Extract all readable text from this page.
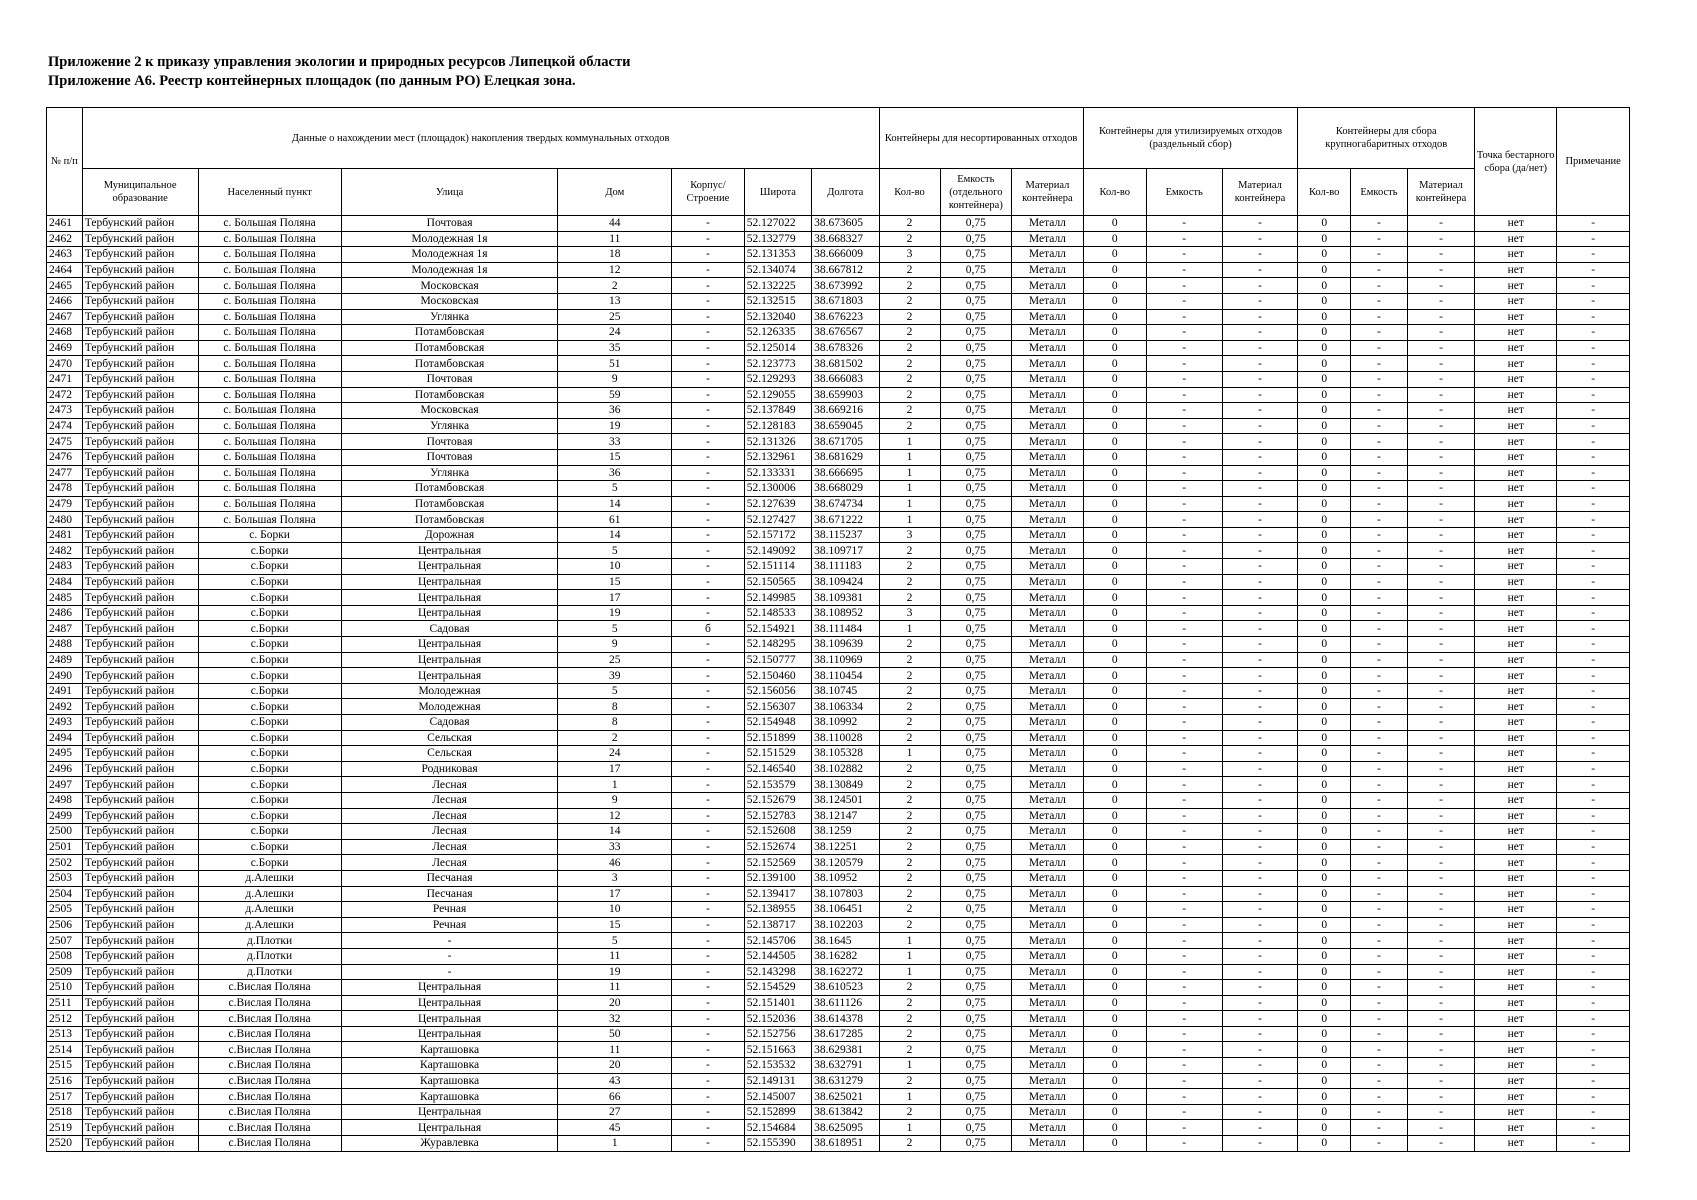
Приложение 2 к приказу управления экологии и природных ресурсов Липецкой области
Приложение А6. Реестр контейнерных площадок (по данным РО) Елецкая зона.
№ п/п	Данные о нахождении мест (площадок) накопления твердых коммунальных отходов							Контейнеры для несортированных отходов			Контейнеры для утилизируемых отходов (раздельный сбор)			Контейнеры для сбора крупногабаритных отходов			Точка бестарного сбора (да/нет)	Примечание
	Муниципальное образование	Населенный пункт	Улица	Дом	Корпус/ Строение	Широта	Долгота	Кол-во	Емкость (отдельного контейнера)	Материал контейнера	Кол-во	Емкость	Материал контейнера	Кол-во	Емкость	Материал контейнера		
2461	Тербунский район	с. Большая Поляна	Почтовая	44	-	52.127022	38.673605	2	0,75	Металл	0	-	-	0	-	-	нет	-
2462	Тербунский район	с. Большая Поляна	Молодежная 1я	11	-	52.132779	38.668327	2	0,75	Металл	0	-	-	0	-	-	нет	-
2463	Тербунский район	с. Большая Поляна	Молодежная 1я	18	-	52.131353	38.666009	3	0,75	Металл	0	-	-	0	-	-	нет	-
2464	Тербунский район	с. Большая Поляна	Молодежная 1я	12	-	52.134074	38.667812	2	0,75	Металл	0	-	-	0	-	-	нет	-
2465	Тербунский район	с. Большая Поляна	Московская	2	-	52.132225	38.673992	2	0,75	Металл	0	-	-	0	-	-	нет	-
2466	Тербунский район	с. Большая Поляна	Московская	13	-	52.132515	38.671803	2	0,75	Металл	0	-	-	0	-	-	нет	-
2467	Тербунский район	с. Большая Поляна	Углянка	25	-	52.132040	38.676223	2	0,75	Металл	0	-	-	0	-	-	нет	-
2468	Тербунский район	с. Большая Поляна	Потамбовская	24	-	52.126335	38.676567	2	0,75	Металл	0	-	-	0	-	-	нет	-
2469	Тербунский район	с. Большая Поляна	Потамбовская	35	-	52.125014	38.678326	2	0,75	Металл	0	-	-	0	-	-	нет	-
2470	Тербунский район	с. Большая Поляна	Потамбовская	51	-	52.123773	38.681502	2	0,75	Металл	0	-	-	0	-	-	нет	-
2471	Тербунский район	с. Большая Поляна	Почтовая	9	-	52.129293	38.666083	2	0,75	Металл	0	-	-	0	-	-	нет	-
2472	Тербунский район	с. Большая Поляна	Потамбовская	59	-	52.129055	38.659903	2	0,75	Металл	0	-	-	0	-	-	нет	-
2473	Тербунский район	с. Большая Поляна	Московская	36	-	52.137849	38.669216	2	0,75	Металл	0	-	-	0	-	-	нет	-
2474	Тербунский район	с. Большая Поляна	Углянка	19	-	52.128183	38.659045	2	0,75	Металл	0	-	-	0	-	-	нет	-
2475	Тербунский район	с. Большая Поляна	Почтовая	33	-	52.131326	38.671705	1	0,75	Металл	0	-	-	0	-	-	нет	-
2476	Тербунский район	с. Большая Поляна	Почтовая	15	-	52.132961	38.681629	1	0,75	Металл	0	-	-	0	-	-	нет	-
2477	Тербунский район	с. Большая Поляна	Углянка	36	-	52.133331	38.666695	1	0,75	Металл	0	-	-	0	-	-	нет	-
2478	Тербунский район	с. Большая Поляна	Потамбовская	5	-	52.130006	38.668029	1	0,75	Металл	0	-	-	0	-	-	нет	-
2479	Тербунский район	с. Большая Поляна	Потамбовская	14	-	52.127639	38.674734	1	0,75	Металл	0	-	-	0	-	-	нет	-
2480	Тербунский район	с. Большая Поляна	Потамбовская	61	-	52.127427	38.671222	1	0,75	Металл	0	-	-	0	-	-	нет	-
2481	Тербунский район	с. Борки	Дорожная	14	-	52.157172	38.115237	3	0,75	Металл	0	-	-	0	-	-	нет	-
2482	Тербунский район	с.Борки	Центральная	5	-	52.149092	38.109717	2	0,75	Металл	0	-	-	0	-	-	нет	-
2483	Тербунский район	с.Борки	Центральная	10	-	52.151114	38.111183	2	0,75	Металл	0	-	-	0	-	-	нет	-
2484	Тербунский район	с.Борки	Центральная	15	-	52.150565	38.109424	2	0,75	Металл	0	-	-	0	-	-	нет	-
2485	Тербунский район	с.Борки	Центральная	17	-	52.149985	38.109381	2	0,75	Металл	0	-	-	0	-	-	нет	-
2486	Тербунский район	с.Борки	Центральная	19	-	52.148533	38.108952	3	0,75	Металл	0	-	-	0	-	-	нет	-
2487	Тербунский район	с.Борки	Садовая	5	б	52.154921	38.111484	1	0,75	Металл	0	-	-	0	-	-	нет	-
2488	Тербунский район	с.Борки	Центральная	9	-	52.148295	38.109639	2	0,75	Металл	0	-	-	0	-	-	нет	-
2489	Тербунский район	с.Борки	Центральная	25	-	52.150777	38.110969	2	0,75	Металл	0	-	-	0	-	-	нет	-
2490	Тербунский район	с.Борки	Центральная	39	-	52.150460	38.110454	2	0,75	Металл	0	-	-	0	-	-	нет	-
2491	Тербунский район	с.Борки	Молодежная	5	-	52.156056	38.10745	2	0,75	Металл	0	-	-	0	-	-	нет	-
2492	Тербунский район	с.Борки	Молодежная	8	-	52.156307	38.106334	2	0,75	Металл	0	-	-	0	-	-	нет	-
2493	Тербунский район	с.Борки	Садовая	8	-	52.154948	38.10992	2	0,75	Металл	0	-	-	0	-	-	нет	-
2494	Тербунский район	с.Борки	Сельская	2	-	52.151899	38.110028	2	0,75	Металл	0	-	-	0	-	-	нет	-
2495	Тербунский район	с.Борки	Сельская	24	-	52.151529	38.105328	1	0,75	Металл	0	-	-	0	-	-	нет	-
2496	Тербунский район	с.Борки	Родниковая	17	-	52.146540	38.102882	2	0,75	Металл	0	-	-	0	-	-	нет	-
2497	Тербунский район	с.Борки	Лесная	1	-	52.153579	38.130849	2	0,75	Металл	0	-	-	0	-	-	нет	-
2498	Тербунский район	с.Борки	Лесная	9	-	52.152679	38.124501	2	0,75	Металл	0	-	-	0	-	-	нет	-
2499	Тербунский район	с.Борки	Лесная	12	-	52.152783	38.12147	2	0,75	Металл	0	-	-	0	-	-	нет	-
2500	Тербунский район	с.Борки	Лесная	14	-	52.152608	38.1259	2	0,75	Металл	0	-	-	0	-	-	нет	-
2501	Тербунский район	с.Борки	Лесная	33	-	52.152674	38.12251	2	0,75	Металл	0	-	-	0	-	-	нет	-
2502	Тербунский район	с.Борки	Лесная	46	-	52.152569	38.120579	2	0,75	Металл	0	-	-	0	-	-	нет	-
2503	Тербунский район	д.Алешки	Песчаная	3	-	52.139100	38.10952	2	0,75	Металл	0	-	-	0	-	-	нет	-
2504	Тербунский район	д.Алешки	Песчаная	17	-	52.139417	38.107803	2	0,75	Металл	0	-	-	0	-	-	нет	-
2505	Тербунский район	д.Алешки	Речная	10	-	52.138955	38.106451	2	0,75	Металл	0	-	-	0	-	-	нет	-
2506	Тербунский район	д.Алешки	Речная	15	-	52.138717	38.102203	2	0,75	Металл	0	-	-	0	-	-	нет	-
2507	Тербунский район	д.Плотки	-	5	-	52.145706	38.1645	1	0,75	Металл	0	-	-	0	-	-	нет	-
2508	Тербунский район	д.Плотки	-	11	-	52.144505	38.16282	1	0,75	Металл	0	-	-	0	-	-	нет	-
2509	Тербунский район	д.Плотки	-	19	-	52.143298	38.162272	1	0,75	Металл	0	-	-	0	-	-	нет	-
2510	Тербунский район	с.Вислая Поляна	Центральная	11	-	52.154529	38.610523	2	0,75	Металл	0	-	-	0	-	-	нет	-
2511	Тербунский район	с.Вислая Поляна	Центральная	20	-	52.151401	38.611126	2	0,75	Металл	0	-	-	0	-	-	нет	-
2512	Тербунский район	с.Вислая Поляна	Центральная	32	-	52.152036	38.614378	2	0,75	Металл	0	-	-	0	-	-	нет	-
2513	Тербунский район	с.Вислая Поляна	Центральная	50	-	52.152756	38.617285	2	0,75	Металл	0	-	-	0	-	-	нет	-
2514	Тербунский район	с.Вислая Поляна	Карташовка	11	-	52.151663	38.629381	2	0,75	Металл	0	-	-	0	-	-	нет	-
2515	Тербунский район	с.Вислая Поляна	Карташовка	20	-	52.153532	38.632791	1	0,75	Металл	0	-	-	0	-	-	нет	-
2516	Тербунский район	с.Вислая Поляна	Карташовка	43	-	52.149131	38.631279	2	0,75	Металл	0	-	-	0	-	-	нет	-
2517	Тербунский район	с.Вислая Поляна	Карташовка	66	-	52.145007	38.625021	1	0,75	Металл	0	-	-	0	-	-	нет	-
2518	Тербунский район	с.Вислая Поляна	Центральная	27	-	52.152899	38.613842	2	0,75	Металл	0	-	-	0	-	-	нет	-
2519	Тербунский район	с.Вислая Поляна	Центральная	45	-	52.154684	38.625095	1	0,75	Металл	0	-	-	0	-	-	нет	-
2520	Тербунский район	с.Вислая Поляна	Журавлевка	1	-	52.155390	38.618951	2	0,75	Металл	0	-	-	0	-	-	нет	-
